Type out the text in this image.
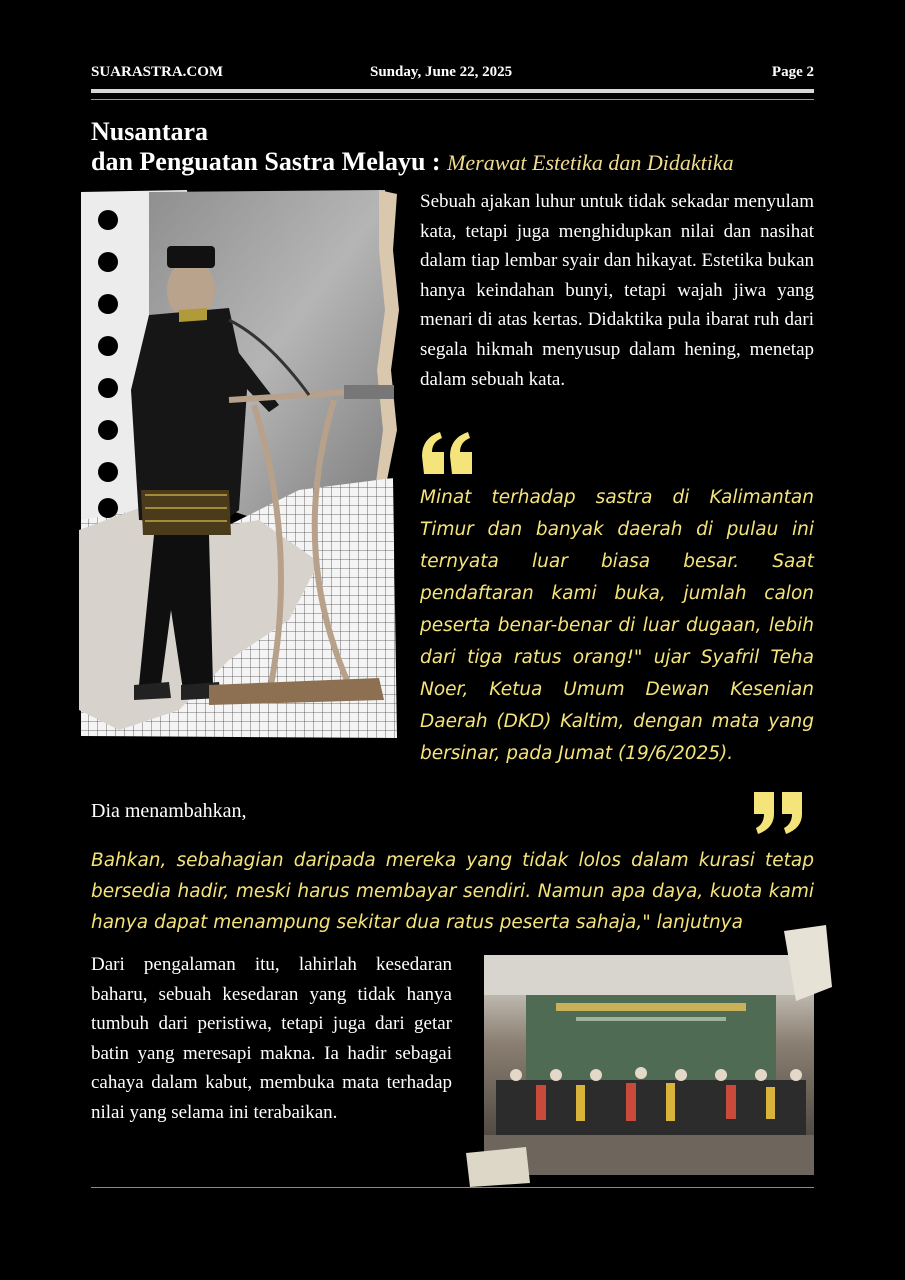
SUARASTRA.COM	Sunday, June 22, 2025	Page 2
Nusantara
dan Penguatan Sastra Melayu : Merawat Estetika dan Didaktika
Sebuah ajakan luhur untuk tidak sekadar menyulam kata, tetapi juga menghidupkan nilai dan nasihat dalam tiap lembar syair dan hikayat. Estetika bukan hanya keindahan bunyi, tetapi wajah jiwa yang menari di atas kertas. Didaktika pula ibarat ruh dari segala hikmah menyusup dalam hening, menetap dalam sebuah kata.
Minat terhadap sastra di Kalimantan Timur dan banyak daerah di pulau ini ternyata luar biasa besar. Saat pendaftaran kami buka, jumlah calon peserta benar-benar di luar dugaan, lebih dari tiga ratus orang!" ujar Syafril Teha Noer, Ketua Umum Dewan Kesenian Daerah (DKD) Kaltim, dengan mata yang bersinar, pada Jumat (19/6/2025).
Dia menambahkan,
Bahkan, sebahagian daripada mereka yang tidak lolos dalam kurasi tetap bersedia hadir, meski harus membayar sendiri. Namun apa daya, kuota kami hanya dapat menampung sekitar dua ratus peserta sahaja," lanjutnya
Dari pengalaman itu, lahirlah kesedaran baharu, sebuah kesedaran yang tidak hanya tumbuh dari peristiwa, tetapi juga dari getar batin yang meresapi makna. Ia hadir sebagai cahaya dalam kabut, membuka mata terhadap nilai yang selama ini terabaikan.
